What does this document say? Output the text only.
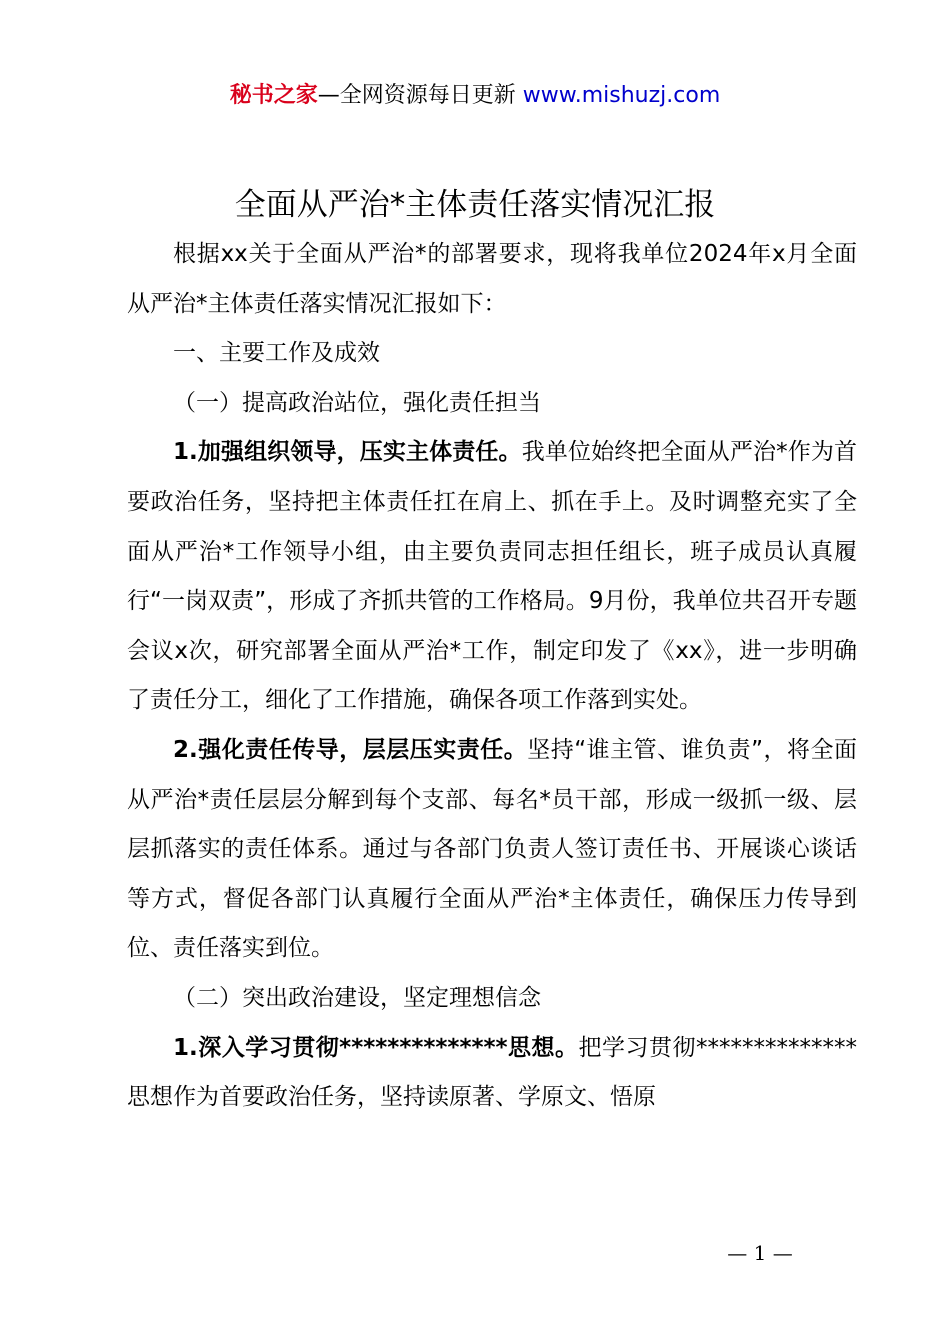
秘书之家—全网资源每日更新 www.mishuzj.com
全面从严治*主体责任落实情况汇报

根据xx关于全面从严治*的部署要求，现将我单位2024年x月全面从严治*主体责任落实情况汇报如下：

一、主要工作及成效

（一）提高政治站位，强化责任担当

1.加强组织领导，压实主体责任。我单位始终把全面从严治*作为首要政治任务，坚持把主体责任扛在肩上、抓在手上。及时调整充实了全面从严治*工作领导小组，由主要负责同志担任组长，班子成员认真履行“一岗双责”，形成了齐抓共管的工作格局。9月份，我单位共召开专题会议x次，研究部署全面从严治*工作，制定印发了《xx》，进一步明确了责任分工，细化了工作措施，确保各项工作落到实处。

2.强化责任传导，层层压实责任。坚持“谁主管、谁负责”，将全面从严治*责任层层分解到每个支部、每名*员干部，形成一级抓一级、层层抓落实的责任体系。通过与各部门负责人签订责任书、开展谈心谈话等方式，督促各部门认真履行全面从严治*主体责任，确保压力传导到位、责任落实到位。

（二）突出政治建设，坚定理想信念

1.深入学习贯彻**************思想。把学习贯彻**************思想作为首要政治任务，坚持读原著、学原文、悟原

— 1 —
